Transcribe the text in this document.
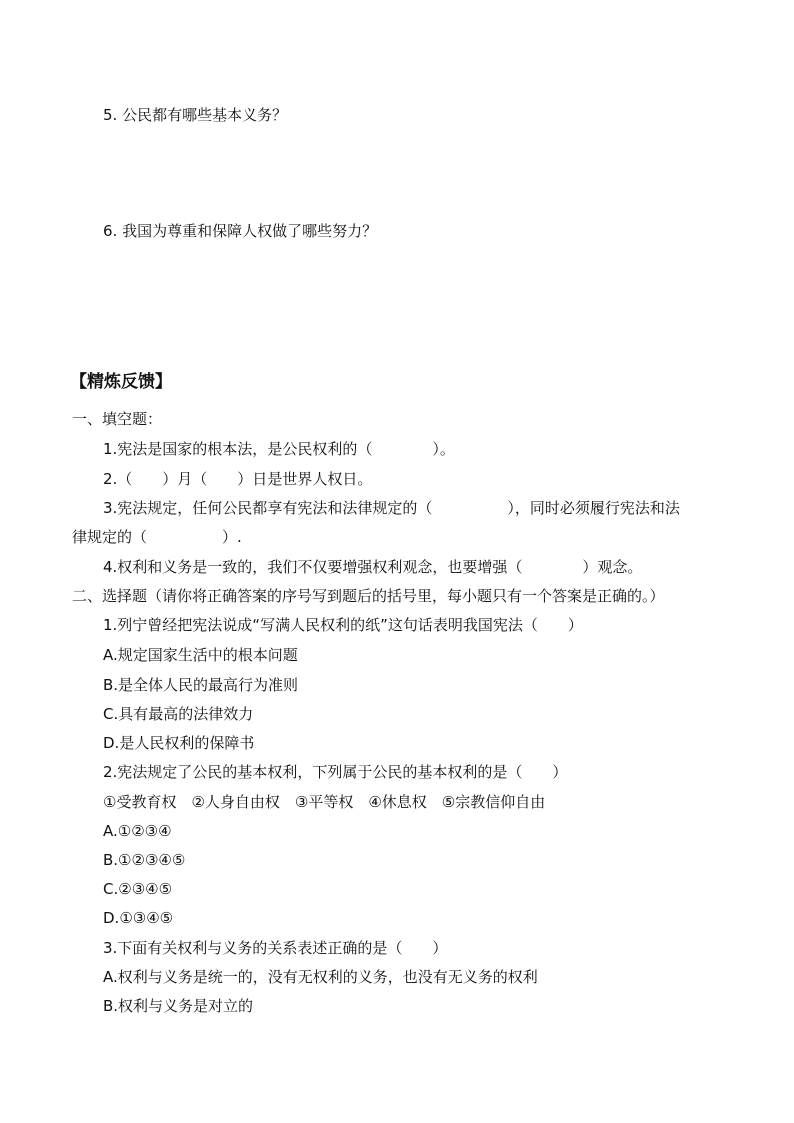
5. 公民都有哪些基本义务？
6. 我国为尊重和保障人权做了哪些努力？
【精炼反馈】
一、填空题：
1.宪法是国家的根本法，是公民权利的（　　　　）。
2.（　　）月（　　）日是世界人权日。
3.宪法规定，任何公民都享有宪法和法律规定的（　　　　　），同时必须履行宪法和法
律规定的（　　　　　）.
4.权利和义务是一致的，我们不仅要增强权利观念，也要增强（　　　　）观念。
二、选择题（请你将正确答案的序号写到题后的括号里，每小题只有一个答案是正确的。）
1.列宁曾经把宪法说成“写满人民权利的纸”这句话表明我国宪法（　　）
A.规定国家生活中的根本问题
B.是全体人民的最高行为准则
C.具有最高的法律效力
D.是人民权利的保障书
2.宪法规定了公民的基本权利，下列属于公民的基本权利的是（　　）
①受教育权　②人身自由权　③平等权　④休息权　⑤宗教信仰自由
A.①②③④
B.①②③④⑤
C.②③④⑤
D.①③④⑤
3.下面有关权利与义务的关系表述正确的是（　　）
A.权利与义务是统一的，没有无权利的义务，也没有无义务的权利
B.权利与义务是对立的
